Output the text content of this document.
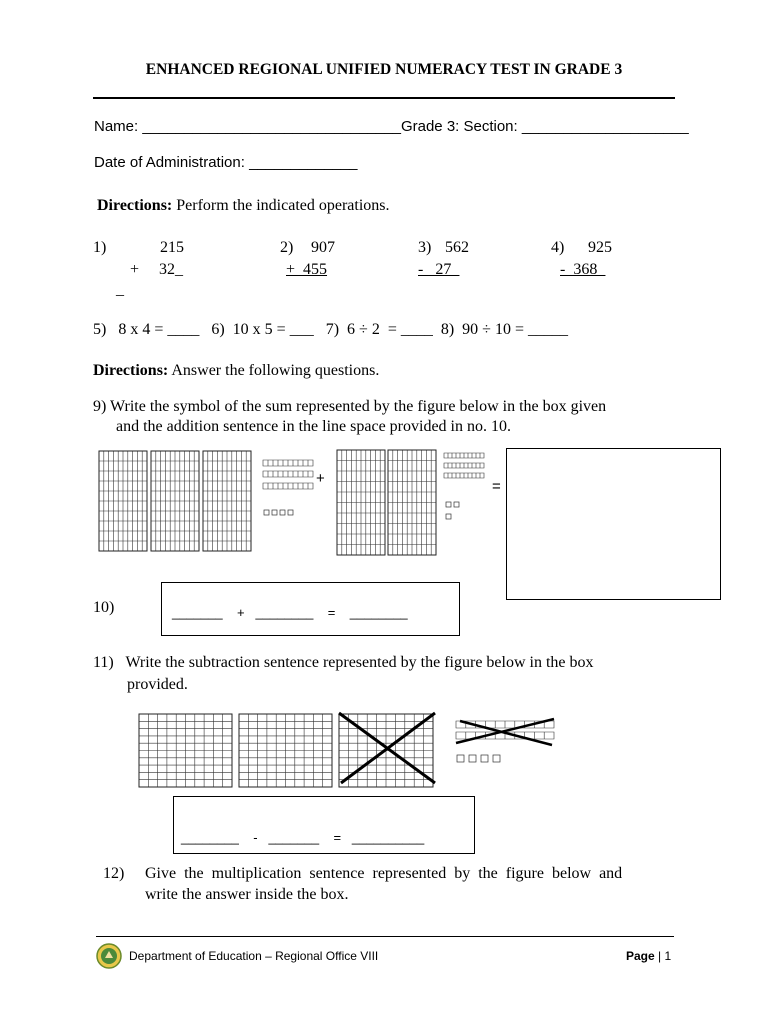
ENHANCED REGIONAL UNIFIED NUMERACY TEST IN GRADE 3
Name: _______________________________Grade 3: Section: ____________________
Date of Administration: _____________
Directions: Perform the indicated operations.
1)	215
+     32_
_
2) 907
+  455
3) 562
-   27_
4) 925
-  368_
5)   8 x 4 = ____   6)  10 x 5 = ___   7)  6 ÷ 2  = ____  8)  90 ÷ 10 = _____
Directions: Answer the following questions.
9) Write the symbol of the sum represented by the figure below in the box given
and the addition sentence in the line space provided in no. 10.
+	=
10)	_______    +   ________    =    ________
11)   Write the subtraction sentence represented by the figure below in the box
provided.
________    -   _______    =   __________
12) Give  the  multiplication  sentence  represented  by  the  figure  below  and
write the answer inside the box.
Department of Education – Regional Office VIII	Page | 1
